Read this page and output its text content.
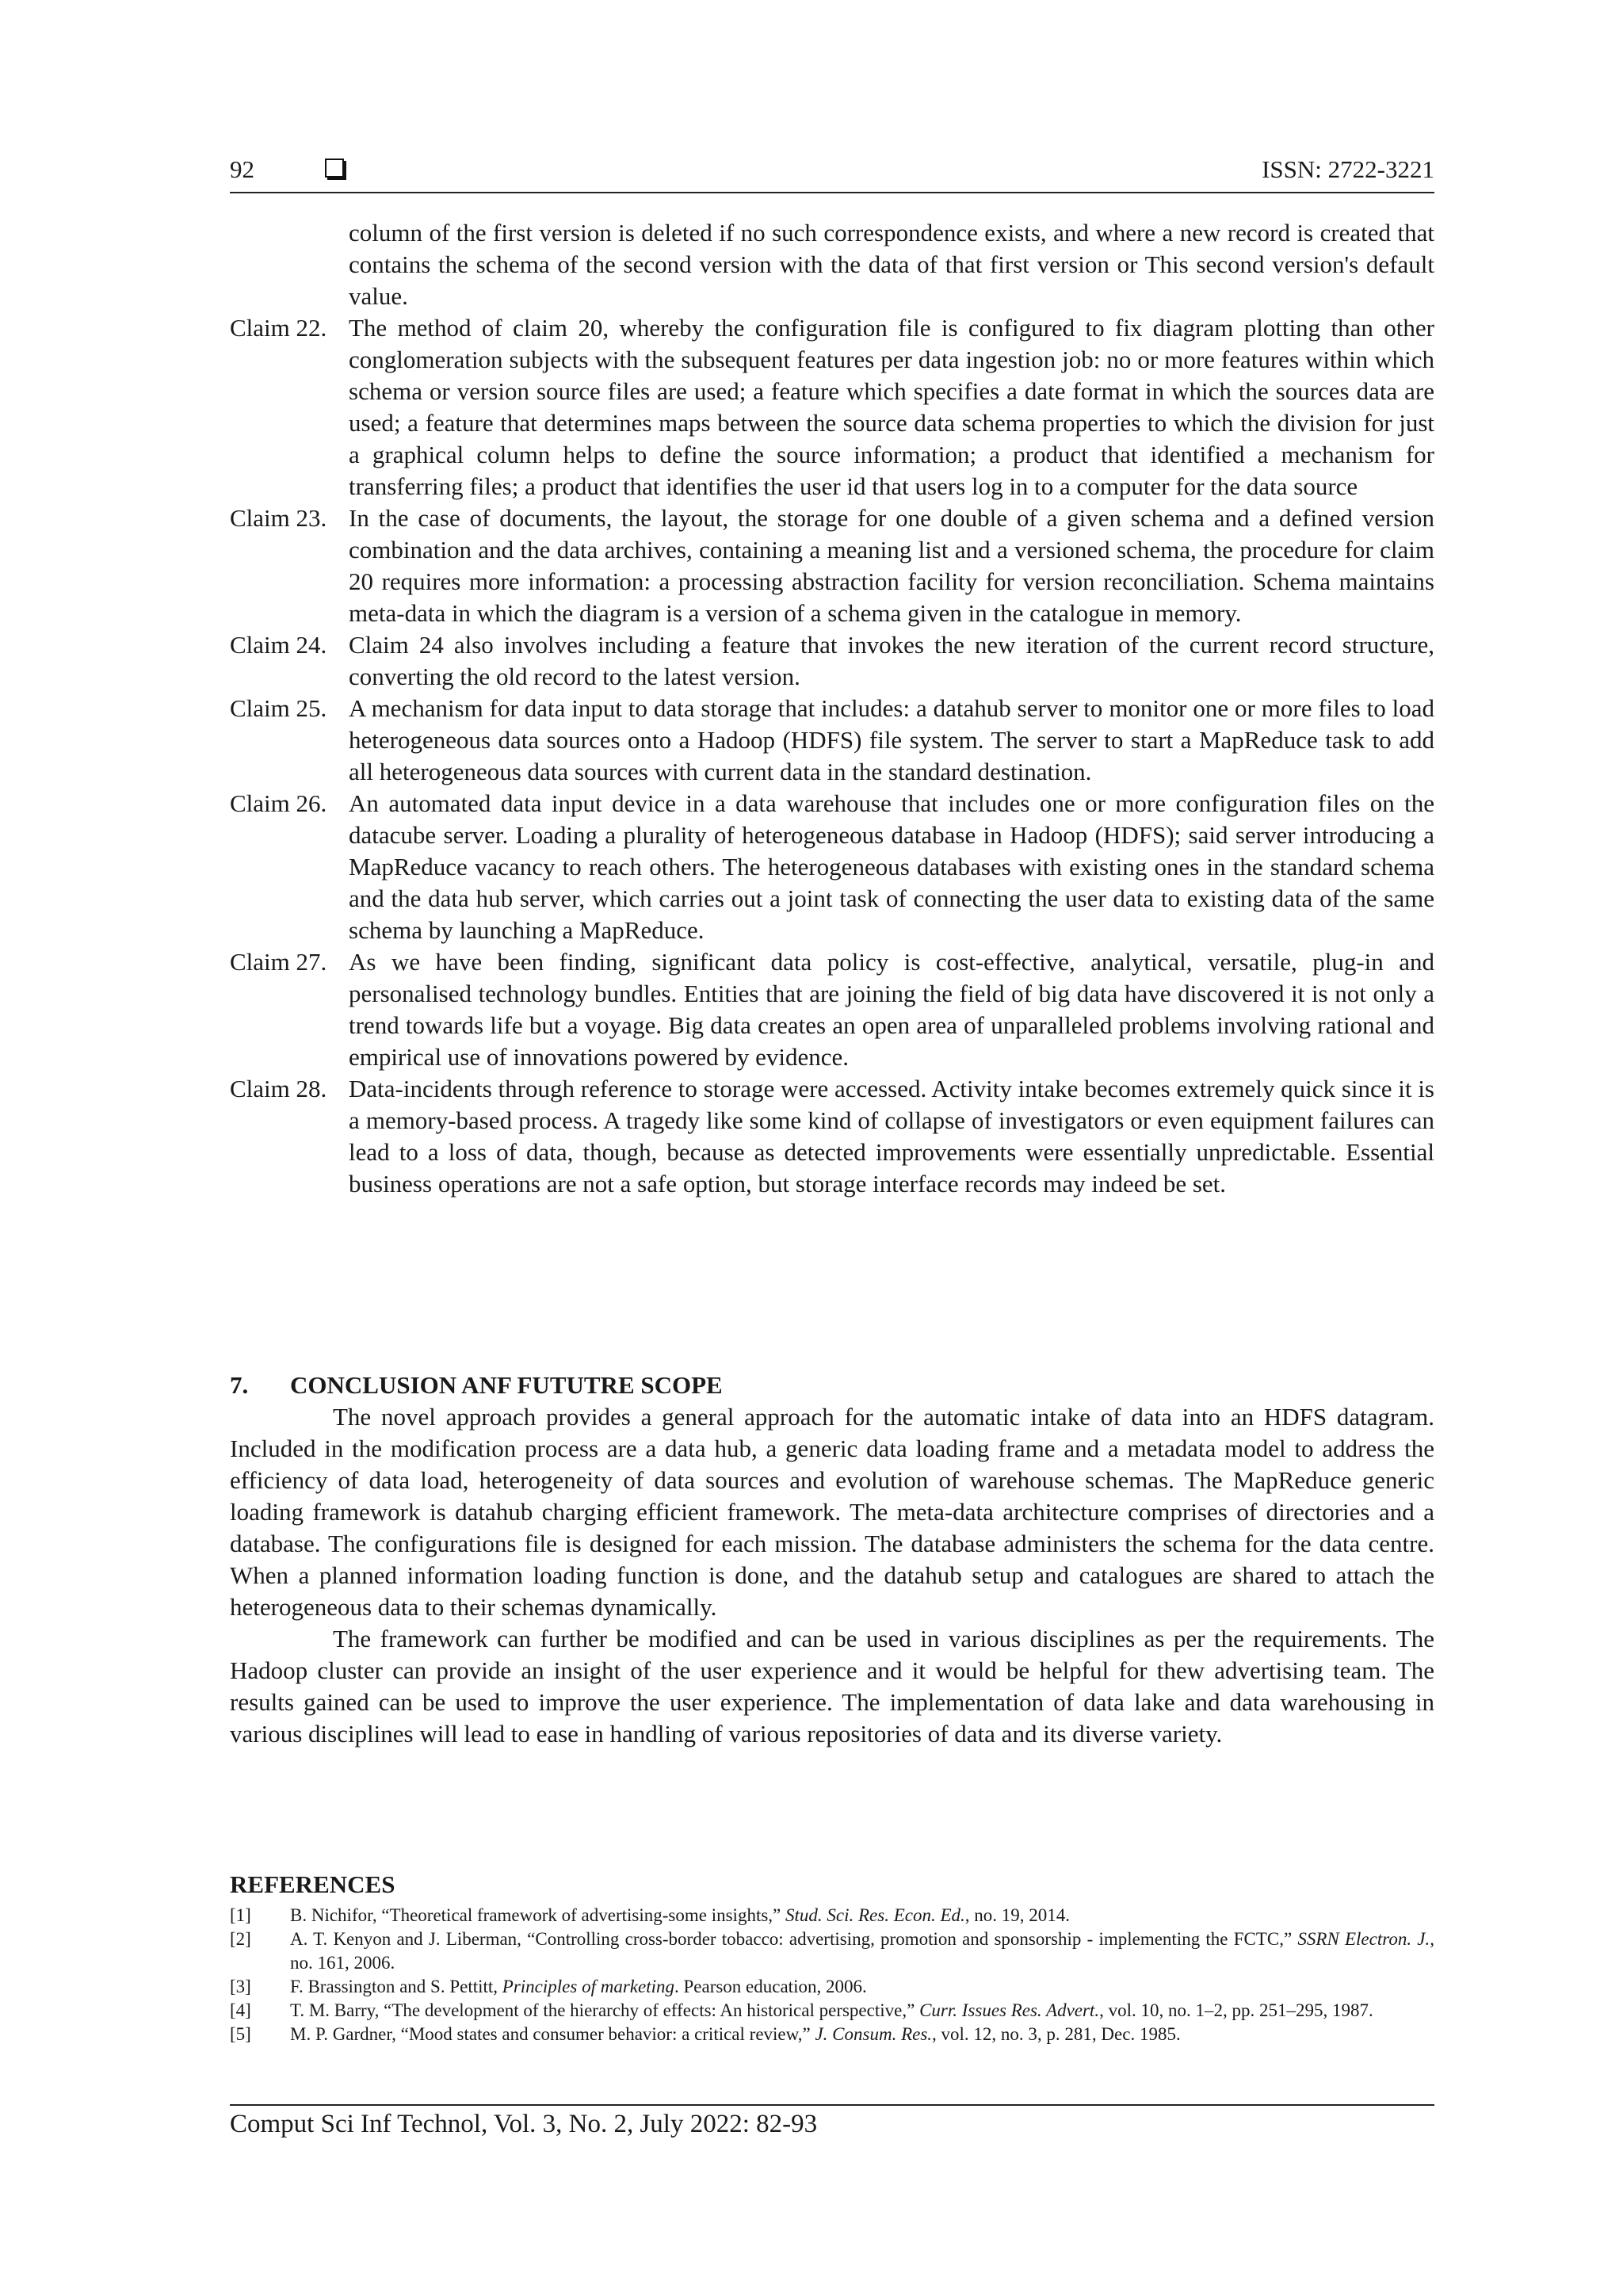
92	ISSN: 2722-3221
column of the first version is deleted if no such correspondence exists, and where a new record is created that contains the schema of the second version with the data of that first version or This second version's default value.
Claim 22. The method of claim 20, whereby the configuration file is configured to fix diagram plotting than other conglomeration subjects with the subsequent features per data ingestion job: no or more features within which schema or version source files are used; a feature which specifies a date format in which the sources data are used; a feature that determines maps between the source data schema properties to which the division for just a graphical column helps to define the source information; a product that identified a mechanism for transferring files; a product that identifies the user id that users log in to a computer for the data source
Claim 23. In the case of documents, the layout, the storage for one double of a given schema and a defined version combination and the data archives, containing a meaning list and a versioned schema, the procedure for claim 20 requires more information: a processing abstraction facility for version reconciliation. Schema maintains meta-data in which the diagram is a version of a schema given in the catalogue in memory.
Claim 24. Claim 24 also involves including a feature that invokes the new iteration of the current record structure, converting the old record to the latest version.
Claim 25. A mechanism for data input to data storage that includes: a datahub server to monitor one or more files to load heterogeneous data sources onto a Hadoop (HDFS) file system. The server to start a MapReduce task to add all heterogeneous data sources with current data in the standard destination.
Claim 26. An automated data input device in a data warehouse that includes one or more configuration files on the datacube server. Loading a plurality of heterogeneous database in Hadoop (HDFS); said server introducing a MapReduce vacancy to reach others. The heterogeneous databases with existing ones in the standard schema and the data hub server, which carries out a joint task of connecting the user data to existing data of the same schema by launching a MapReduce.
Claim 27. As we have been finding, significant data policy is cost-effective, analytical, versatile, plug-in and personalised technology bundles. Entities that are joining the field of big data have discovered it is not only a trend towards life but a voyage. Big data creates an open area of unparalleled problems involving rational and empirical use of innovations powered by evidence.
Claim 28. Data-incidents through reference to storage were accessed. Activity intake becomes extremely quick since it is a memory-based process. A tragedy like some kind of collapse of investigators or even equipment failures can lead to a loss of data, though, because as detected improvements were essentially unpredictable. Essential business operations are not a safe option, but storage interface records may indeed be set.
7.	CONCLUSION ANF FUTUTRE SCOPE

The novel approach provides a general approach for the automatic intake of data into an HDFS datagram. Included in the modification process are a data hub, a generic data loading frame and a metadata model to address the efficiency of data load, heterogeneity of data sources and evolution of warehouse schemas. The MapReduce generic loading framework is datahub charging efficient framework. The meta-data architecture comprises of directories and a database. The configurations file is designed for each mission. The database administers the schema for the data centre. When a planned information loading function is done, and the datahub setup and catalogues are shared to attach the heterogeneous data to their schemas dynamically.

The framework can further be modified and can be used in various disciplines as per the requirements. The Hadoop cluster can provide an insight of the user experience and it would be helpful for thew advertising team. The results gained can be used to improve the user experience. The implementation of data lake and data warehousing in various disciplines will lead to ease in handling of various repositories of data and its diverse variety.

REFERENCES
[1]	B. Nichifor, “Theoretical framework of advertising-some insights,” Stud. Sci. Res. Econ. Ed., no. 19, 2014.
[2]	A. T. Kenyon and J. Liberman, “Controlling cross-border tobacco: advertising, promotion and sponsorship - implementing the FCTC,” SSRN Electron. J., no. 161, 2006.
[3]	F. Brassington and S. Pettitt, Principles of marketing. Pearson education, 2006.
[4]	T. M. Barry, “The development of the hierarchy of effects: An historical perspective,” Curr. Issues Res. Advert., vol. 10, no. 1–2, pp. 251–295, 1987.
[5]	M. P. Gardner, “Mood states and consumer behavior: a critical review,” J. Consum. Res., vol. 12, no. 3, p. 281, Dec. 1985.
Comput Sci Inf Technol, Vol. 3, No. 2, July 2022: 82-93
